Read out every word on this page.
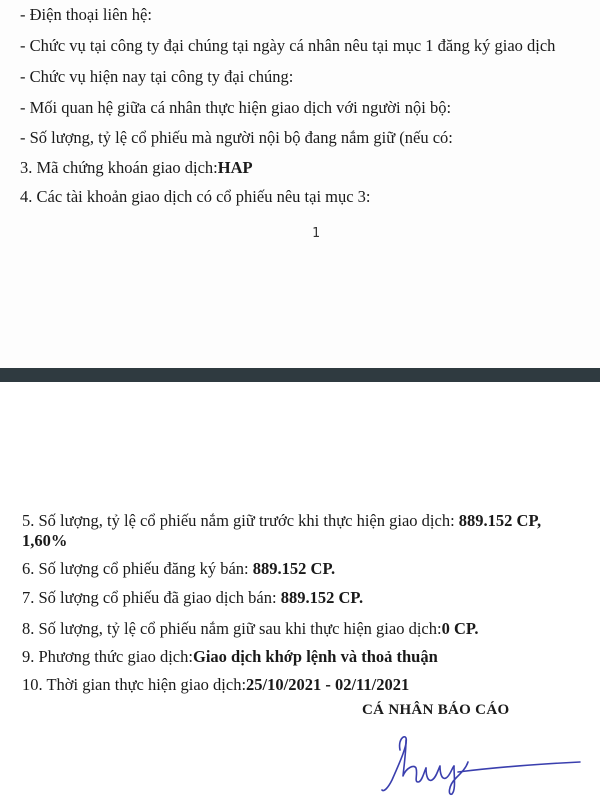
- Điện thoại liên hệ:
- Chức vụ tại công ty đại chúng tại ngày cá nhân nêu tại mục 1 đăng ký giao dịch
- Chức vụ hiện nay tại công ty đại chúng:
- Mối quan hệ giữa cá nhân thực hiện giao dịch với người nội bộ:
- Số lượng, tỷ lệ cổ phiếu mà người nội bộ đang nắm giữ (nếu có:
3. Mã chứng khoán giao dịch:HAP
4. Các tài khoản giao dịch có cổ phiếu nêu tại mục 3:
1
5. Số lượng, tỷ lệ cổ phiếu nắm giữ trước khi thực hiện giao dịch: 889.152 CP,
1,60%
6. Số lượng cổ phiếu đăng ký bán: 889.152 CP.
7. Số lượng cổ phiếu đã giao dịch bán: 889.152 CP.
8. Số lượng, tỷ lệ cổ phiếu nắm giữ sau khi thực hiện giao dịch:0 CP.
9. Phương thức giao dịch:Giao dịch khớp lệnh và thoả thuận
10. Thời gian thực hiện giao dịch:25/10/2021 - 02/11/2021
CÁ NHÂN BÁO CÁO
